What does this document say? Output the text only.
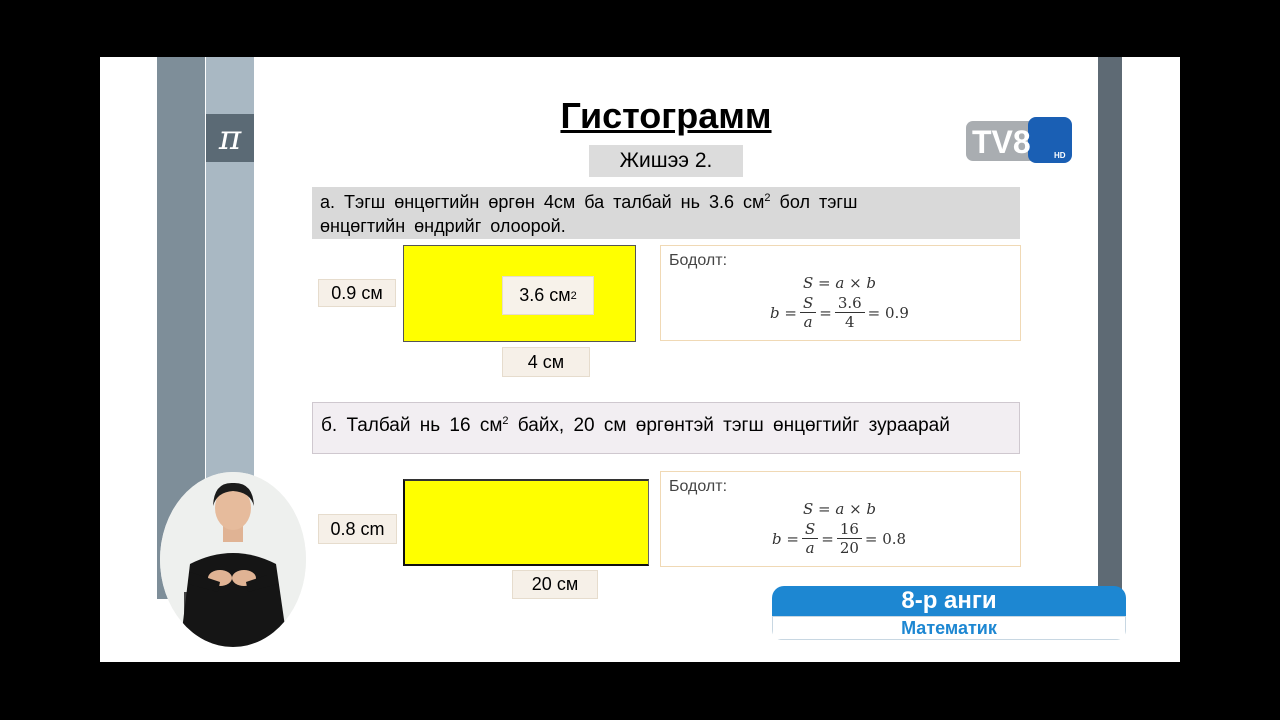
π
Гистограмм
Жишээ 2.
а. Тэгш өнцөгтийн өргөн 4см ба талбай нь 3.6 $см^2$ бол тэгш
өнцөгтийн өндрийг олоорой.
0.9 см	3.6 см 2
4 см
Бодолт:
S = a × b
$b = \frac{S}{a} = \frac{3.6}{4} = 0.9$
б. Талбай нь 16 $см^2$ байх, 20 см өргөнтэй тэгш өнцөгтийг зураарай
0.8 cm
20 см
Бодолт:
S = a × b
$b = \frac{S}{a} = \frac{16}{20} = 0.8$
TV8	HD
8-р анги
Математик
